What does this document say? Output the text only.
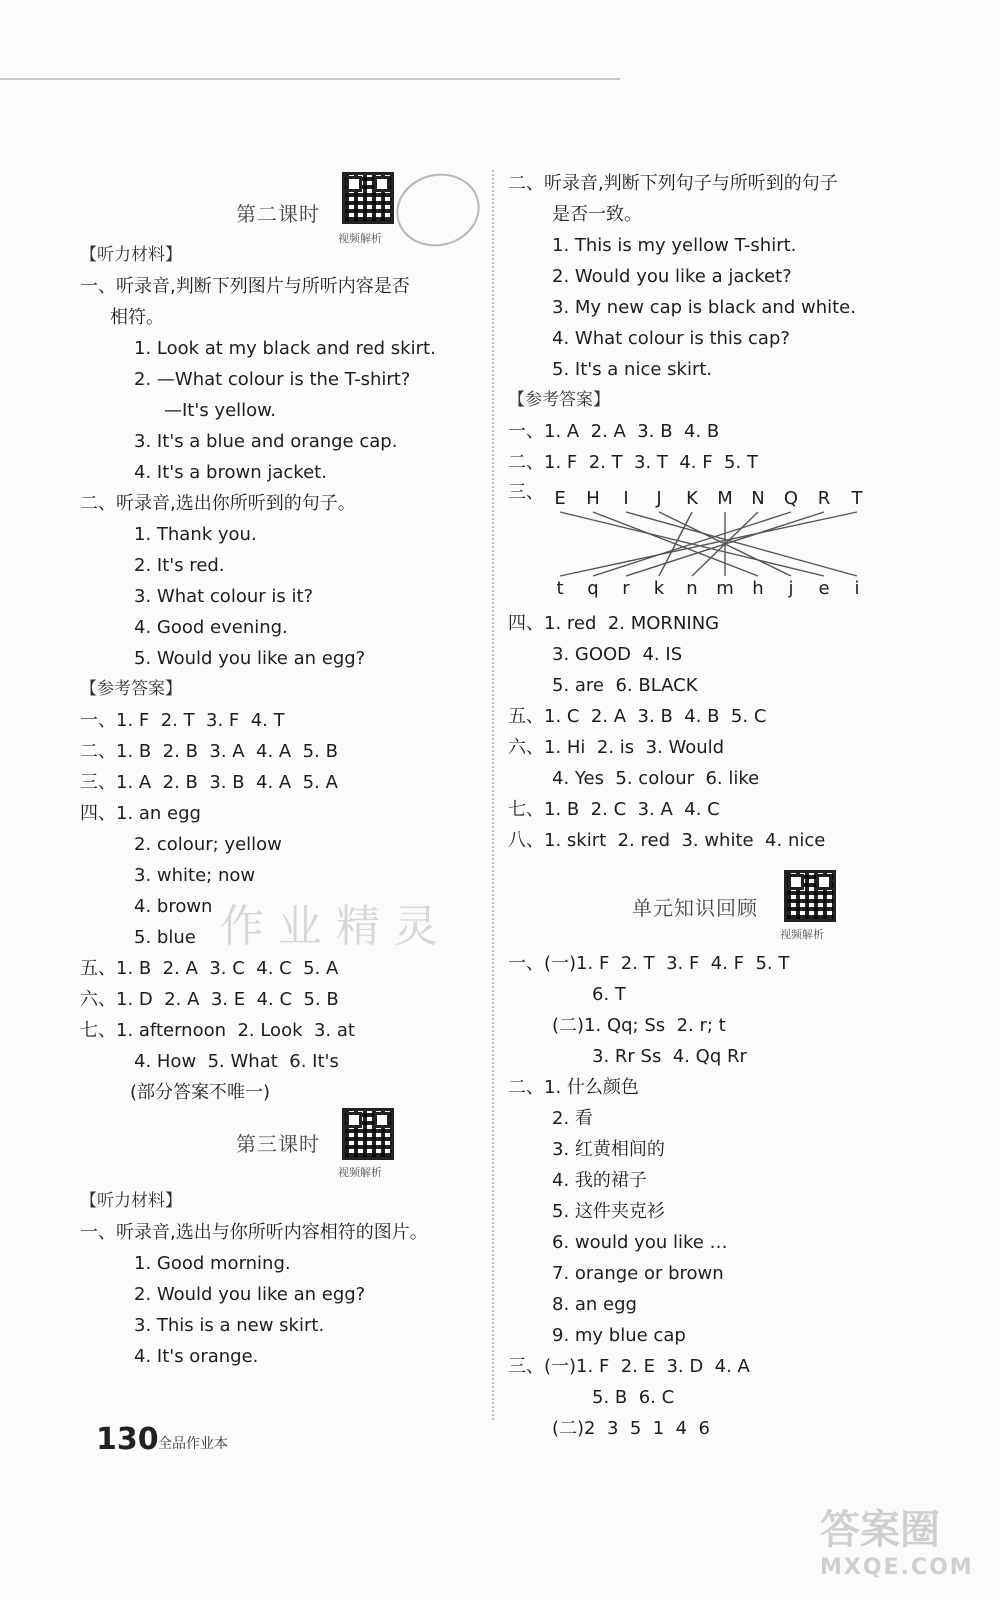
第二课时
视频解析
【听力材料】
一、听录音,判断下列图片与所听内容是否
相符。
1. Look at my black and red skirt.
2. —What colour is the T-shirt?
—It's yellow.
3. It's a blue and orange cap.
4. It's a brown jacket.
二、听录音,选出你所听到的句子。
1. Thank you.
2. It's red.
3. What colour is it?
4. Good evening.
5. Would you like an egg?
【参考答案】
一、1. F  2. T  3. F  4. T
二、1. B  2. B  3. A  4. A  5. B
三、1. A  2. B  3. B  4. A  5. A
四、1. an egg
2. colour; yellow
3. white; now
4. brown
5. blue
五、1. B  2. A  3. C  4. C  5. A
六、1. D  2. A  3. E  4. C  5. B
七、1. afternoon  2. Look  3. at
4. How  5. What  6. It's
(部分答案不唯一)
第三课时
视频解析
【听力材料】
一、听录音,选出与你所听内容相符的图片。
1. Good morning.
2. Would you like an egg?
3. This is a new skirt.
4. It's orange.
二、听录音,判断下列句子与所听到的句子
是否一致。
1. This is my yellow T-shirt.
2. Would you like a jacket?
3. My new cap is black and white.
4. What colour is this cap?
5. It's a nice skirt.
【参考答案】
一、1. A  2. A  3. B  4. B
二、1. F  2. T  3. T  4. F  5. T
三、 E H I J K M N Q R T
t q r k n m h j e i
四、1. red  2. MORNING
3. GOOD  4. IS
5. are  6. BLACK
五、1. C  2. A  3. B  4. B  5. C
六、1. Hi  2. is  3. Would
4. Yes  5. colour  6. like
七、1. B  2. C  3. A  4. C
八、1. skirt  2. red  3. white  4. nice
单元知识回顾
视频解析
一、(一)1. F  2. T  3. F  4. F  5. T
6. T
(二)1. Qq; Ss  2. r; t
3. Rr Ss  4. Qq Rr
二、1. 什么颜色
2. 看
3. 红黄相间的
4. 我的裙子
5. 这件夹克衫
6. would you like …
7. orange or brown
8. an egg
9. my blue cap
三、(一)1. F  2. E  3. D  4. A
5. B  6. C
(二)2  3  5  1  4  6
作业精灵
答案圈
MXQE.COM
130 全品作业本
